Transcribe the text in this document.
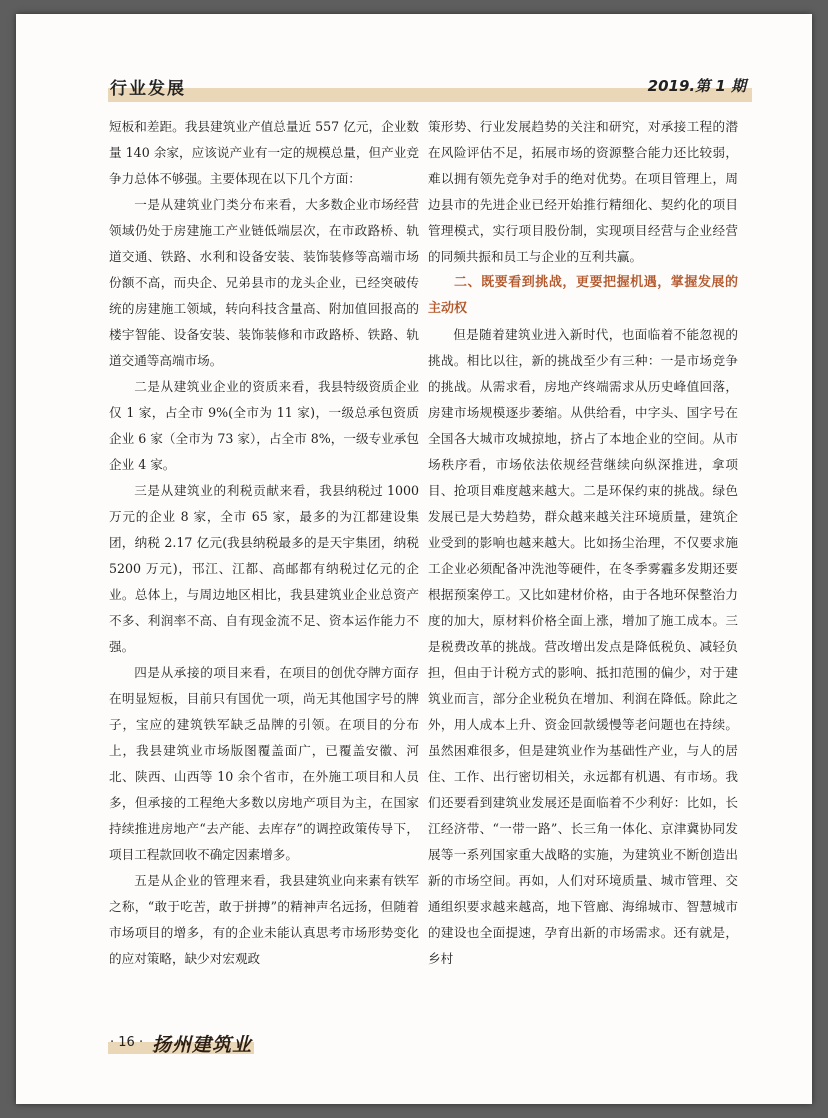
行业发展	2019.第 1 期

短板和差距。我县建筑业产值总量近 557 亿元，企业数量 140 余家，应该说产业有一定的规模总量，但产业竞争力总体不够强。主要体现在以下几个方面：

一是从建筑业门类分布来看，大多数企业市场经营领域仍处于房建施工产业链低端层次，在市政路桥、轨道交通、铁路、水利和设备安装、装饰装修等高端市场份额不高，而央企、兄弟县市的龙头企业，已经突破传统的房建施工领域，转向科技含量高、附加值回报高的楼宇智能、设备安装、装饰装修和市政路桥、铁路、轨道交通等高端市场。

二是从建筑业企业的资质来看，我县特级资质企业仅 1 家，占全市 9%(全市为 11 家)，一级总承包资质企业 6 家（全市为 73 家），占全市 8%，一级专业承包企业 4 家。

三是从建筑业的利税贡献来看，我县纳税过 1000 万元的企业 8 家，全市 65 家，最多的为江都建设集团，纳税 2.17 亿元(我县纳税最多的是天宇集团，纳税 5200 万元)，邗江、江都、高邮都有纳税过亿元的企业。总体上，与周边地区相比，我县建筑业企业总资产不多、利润率不高、自有现金流不足、资本运作能力不强。

四是从承接的项目来看，在项目的创优夺牌方面存在明显短板，目前只有国优一项，尚无其他国字号的牌子，宝应的建筑铁军缺乏品牌的引领。在项目的分布上，我县建筑业市场版图覆盖面广，已覆盖安徽、河北、陕西、山西等 10 余个省市，在外施工项目和人员多，但承接的工程绝大多数以房地产项目为主，在国家持续推进房地产“去产能、去库存”的调控政策传导下，项目工程款回收不确定因素增多。

五是从企业的管理来看，我县建筑业向来素有铁军之称，“敢于吃苦，敢于拼搏”的精神声名远扬，但随着市场项目的增多，有的企业未能认真思考市场形势变化的应对策略，缺少对宏观政

策形势、行业发展趋势的关注和研究，对承接工程的潜在风险评估不足，拓展市场的资源整合能力还比较弱，难以拥有领先竞争对手的绝对优势。在项目管理上，周边县市的先进企业已经开始推行精细化、契约化的项目管理模式，实行项目股份制，实现项目经营与企业经营的同频共振和员工与企业的互利共赢。

二、既要看到挑战，更要把握机遇，掌握发展的主动权

但是随着建筑业进入新时代，也面临着不能忽视的挑战。相比以往，新的挑战至少有三种：一是市场竞争的挑战。从需求看，房地产终端需求从历史峰值回落，房建市场规模逐步萎缩。从供给看，中字头、国字号在全国各大城市攻城掠地，挤占了本地企业的空间。从市场秩序看，市场依法依规经营继续向纵深推进，拿项目、抢项目难度越来越大。二是环保约束的挑战。绿色发展已是大势趋势，群众越来越关注环境质量，建筑企业受到的影响也越来越大。比如扬尘治理，不仅要求施工企业必须配备冲洗池等硬件，在冬季雾霾多发期还要根据预案停工。又比如建材价格，由于各地环保整治力度的加大，原材料价格全面上涨，增加了施工成本。三是税费改革的挑战。营改增出发点是降低税负、减轻负担，但由于计税方式的影响、抵扣范围的偏少，对于建筑业而言，部分企业税负在增加、利润在降低。除此之外，用人成本上升、资金回款缓慢等老问题也在持续。虽然困难很多，但是建筑业作为基础性产业，与人的居住、工作、出行密切相关，永远都有机遇、有市场。我们还要看到建筑业发展还是面临着不少利好：比如，长江经济带、“一带一路”、长三角一体化、京津冀协同发展等一系列国家重大战略的实施，为建筑业不断创造出新的市场空间。再如，人们对环境质量、城市管理、交通组织要求越来越高，地下管廊、海绵城市、智慧城市的建设也全面提速，孕育出新的市场需求。还有就是，乡村

· 16 · 扬州建筑业
